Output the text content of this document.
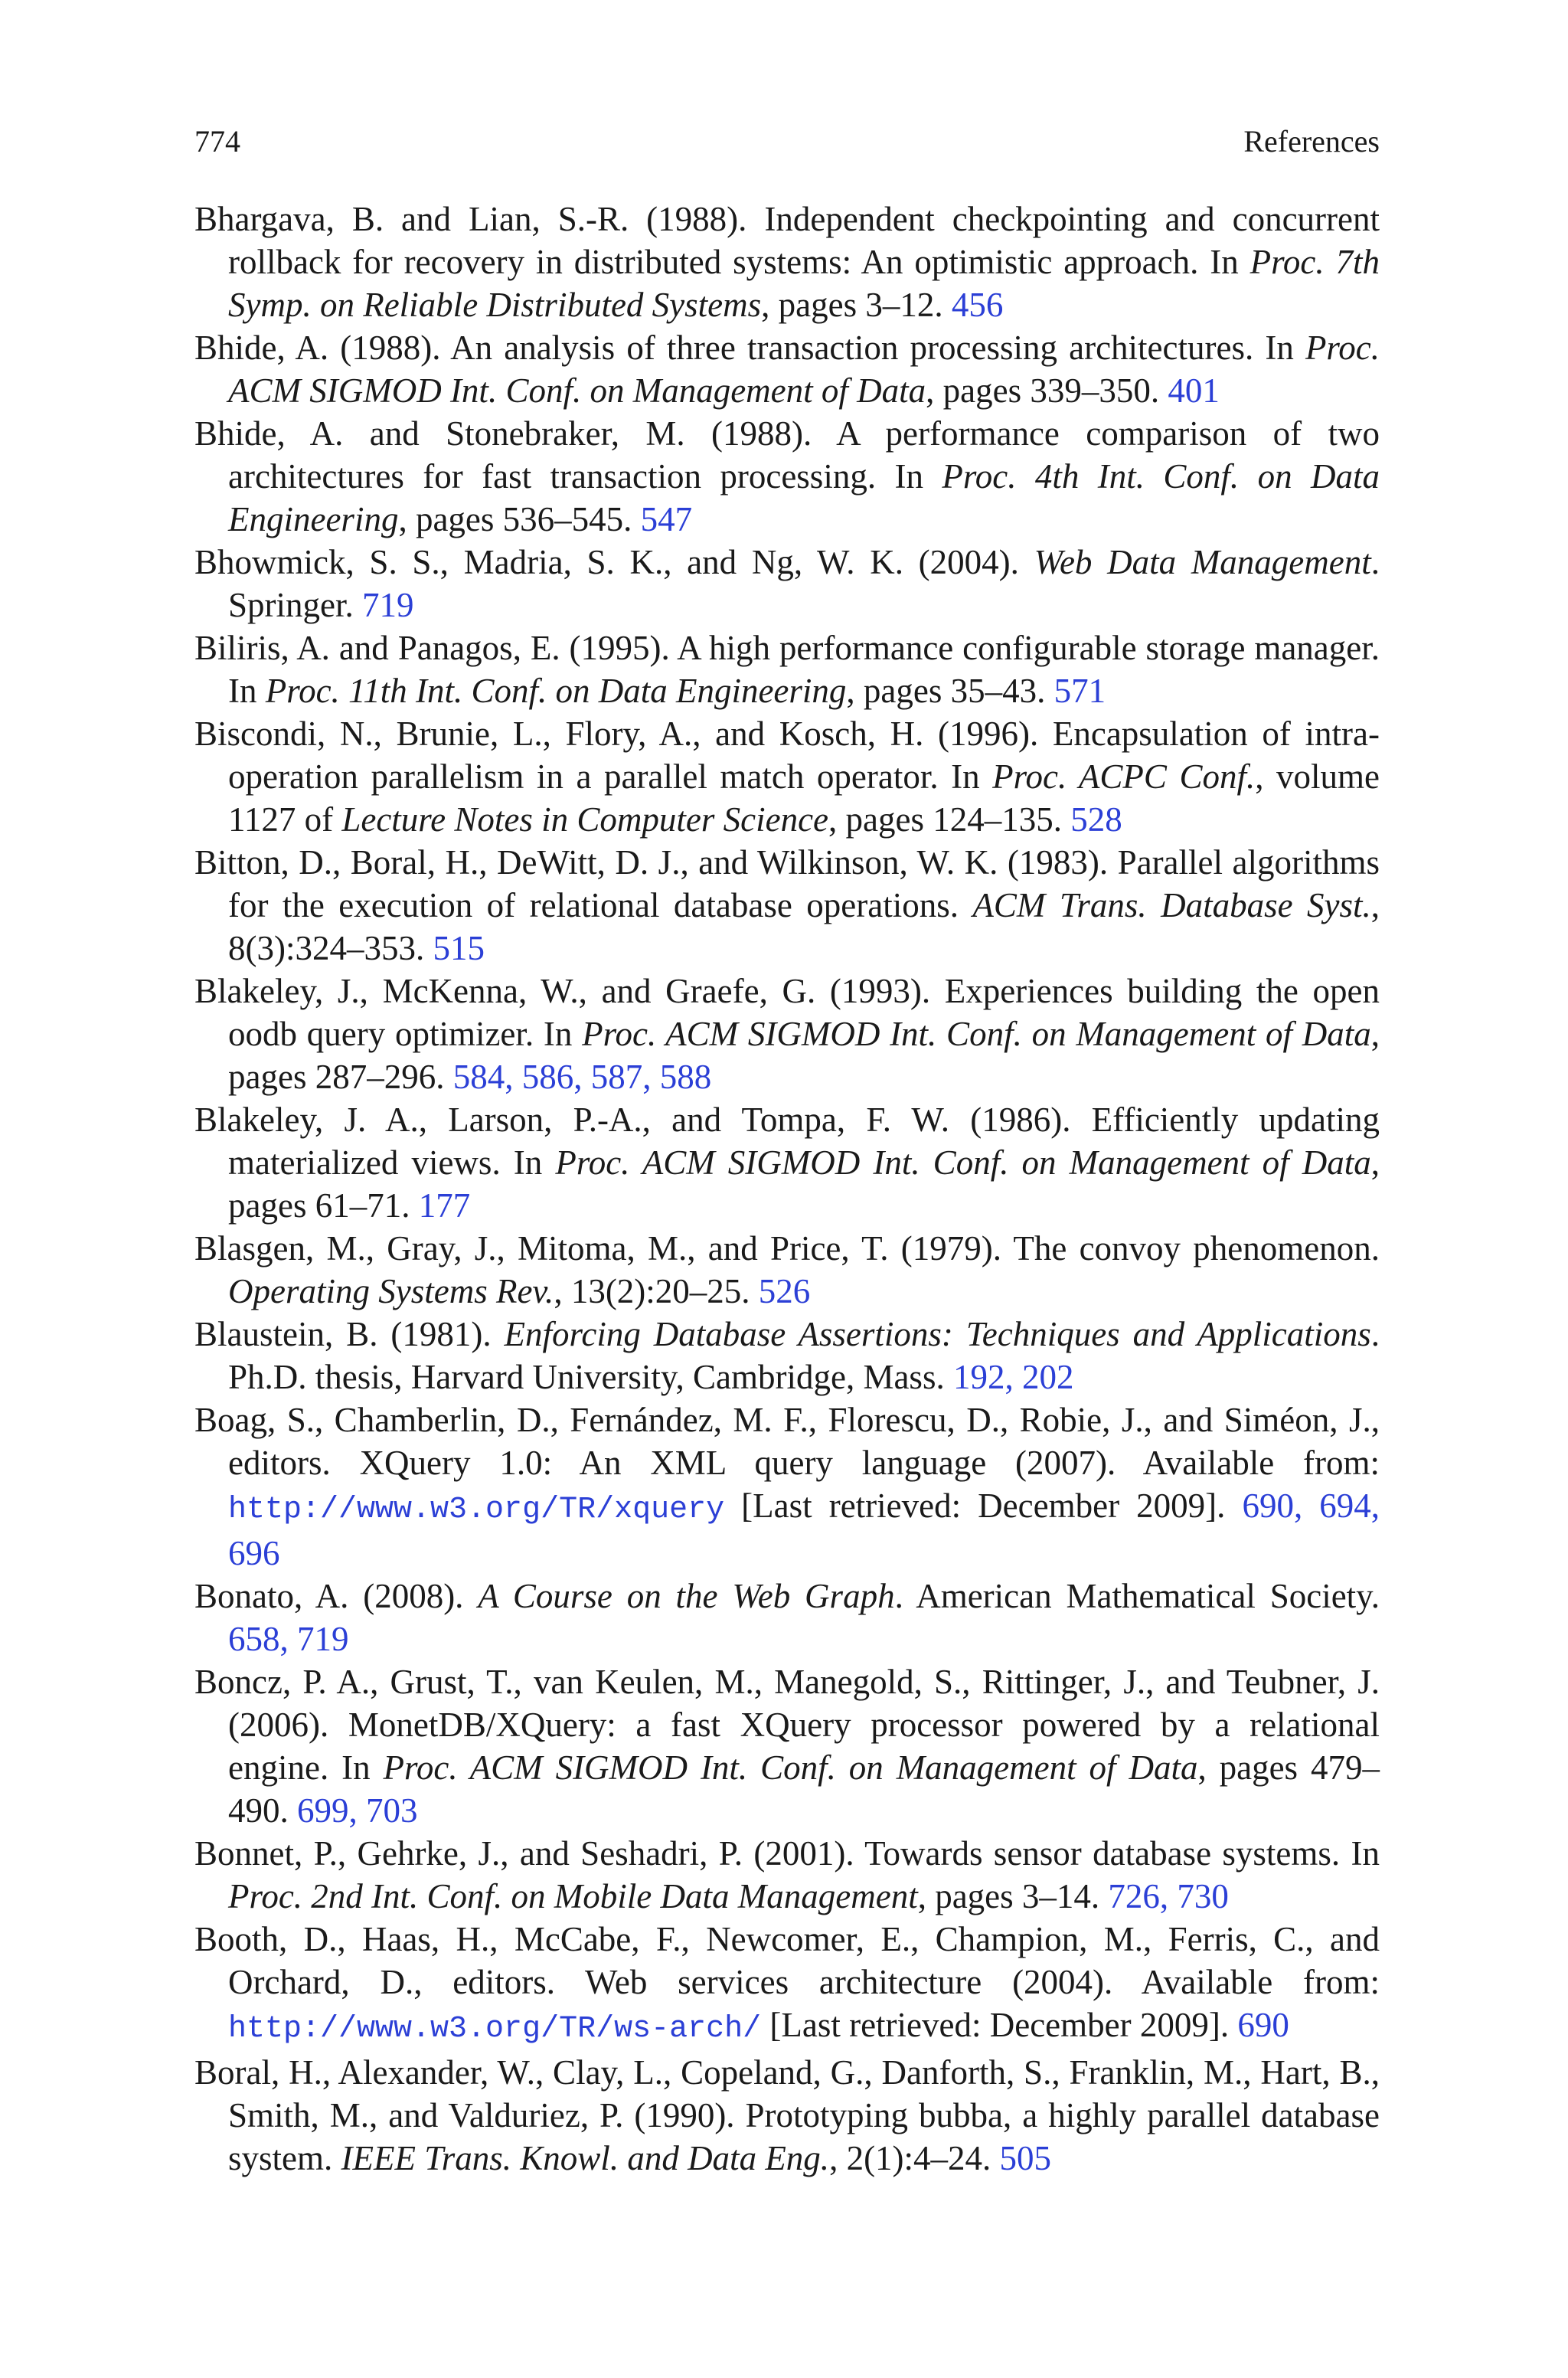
774	References

Bhargava, B. and Lian, S.-R. (1988). Independent checkpointing and concurrent rollback for recovery in distributed systems: An optimistic approach. In Proc. 7th Symp. on Reliable Distributed Systems, pages 3–12. 456

Bhide, A. (1988). An analysis of three transaction processing architectures. In Proc. ACM SIGMOD Int. Conf. on Management of Data, pages 339–350. 401

Bhide, A. and Stonebraker, M. (1988). A performance comparison of two architectures for fast transaction processing. In Proc. 4th Int. Conf. on Data Engineering, pages 536–545. 547

Bhowmick, S. S., Madria, S. K., and Ng, W. K. (2004). Web Data Management. Springer. 719

Biliris, A. and Panagos, E. (1995). A high performance configurable storage manager. In Proc. 11th Int. Conf. on Data Engineering, pages 35–43. 571

Biscondi, N., Brunie, L., Flory, A., and Kosch, H. (1996). Encapsulation of intra-operation parallelism in a parallel match operator. In Proc. ACPC Conf., volume 1127 of Lecture Notes in Computer Science, pages 124–135. 528

Bitton, D., Boral, H., DeWitt, D. J., and Wilkinson, W. K. (1983). Parallel algorithms for the execution of relational database operations. ACM Trans. Database Syst., 8(3):324–353. 515

Blakeley, J., McKenna, W., and Graefe, G. (1993). Experiences building the open oodb query optimizer. In Proc. ACM SIGMOD Int. Conf. on Management of Data, pages 287–296. 584, 586, 587, 588

Blakeley, J. A., Larson, P.-A., and Tompa, F. W. (1986). Efficiently updating materialized views. In Proc. ACM SIGMOD Int. Conf. on Management of Data, pages 61–71. 177

Blasgen, M., Gray, J., Mitoma, M., and Price, T. (1979). The convoy phenomenon. Operating Systems Rev., 13(2):20–25. 526

Blaustein, B. (1981). Enforcing Database Assertions: Techniques and Applications. Ph.D. thesis, Harvard University, Cambridge, Mass. 192, 202

Boag, S., Chamberlin, D., Fernández, M. F., Florescu, D., Robie, J., and Siméon, J., editors. XQuery 1.0: An XML query language (2007). Available from: http://www.w3.org/TR/xquery [Last retrieved: December 2009]. 690, 694, 696

Bonato, A. (2008). A Course on the Web Graph. American Mathematical Society. 658, 719

Boncz, P. A., Grust, T., van Keulen, M., Manegold, S., Rittinger, J., and Teubner, J. (2006). MonetDB/XQuery: a fast XQuery processor powered by a relational engine. In Proc. ACM SIGMOD Int. Conf. on Management of Data, pages 479–490. 699, 703

Bonnet, P., Gehrke, J., and Seshadri, P. (2001). Towards sensor database systems. In Proc. 2nd Int. Conf. on Mobile Data Management, pages 3–14. 726, 730

Booth, D., Haas, H., McCabe, F., Newcomer, E., Champion, M., Ferris, C., and Orchard, D., editors. Web services architecture (2004). Available from: http://www.w3.org/TR/ws-arch/ [Last retrieved: December 2009]. 690

Boral, H., Alexander, W., Clay, L., Copeland, G., Danforth, S., Franklin, M., Hart, B., Smith, M., and Valduriez, P. (1990). Prototyping bubba, a highly parallel database system. IEEE Trans. Knowl. and Data Eng., 2(1):4–24. 505
